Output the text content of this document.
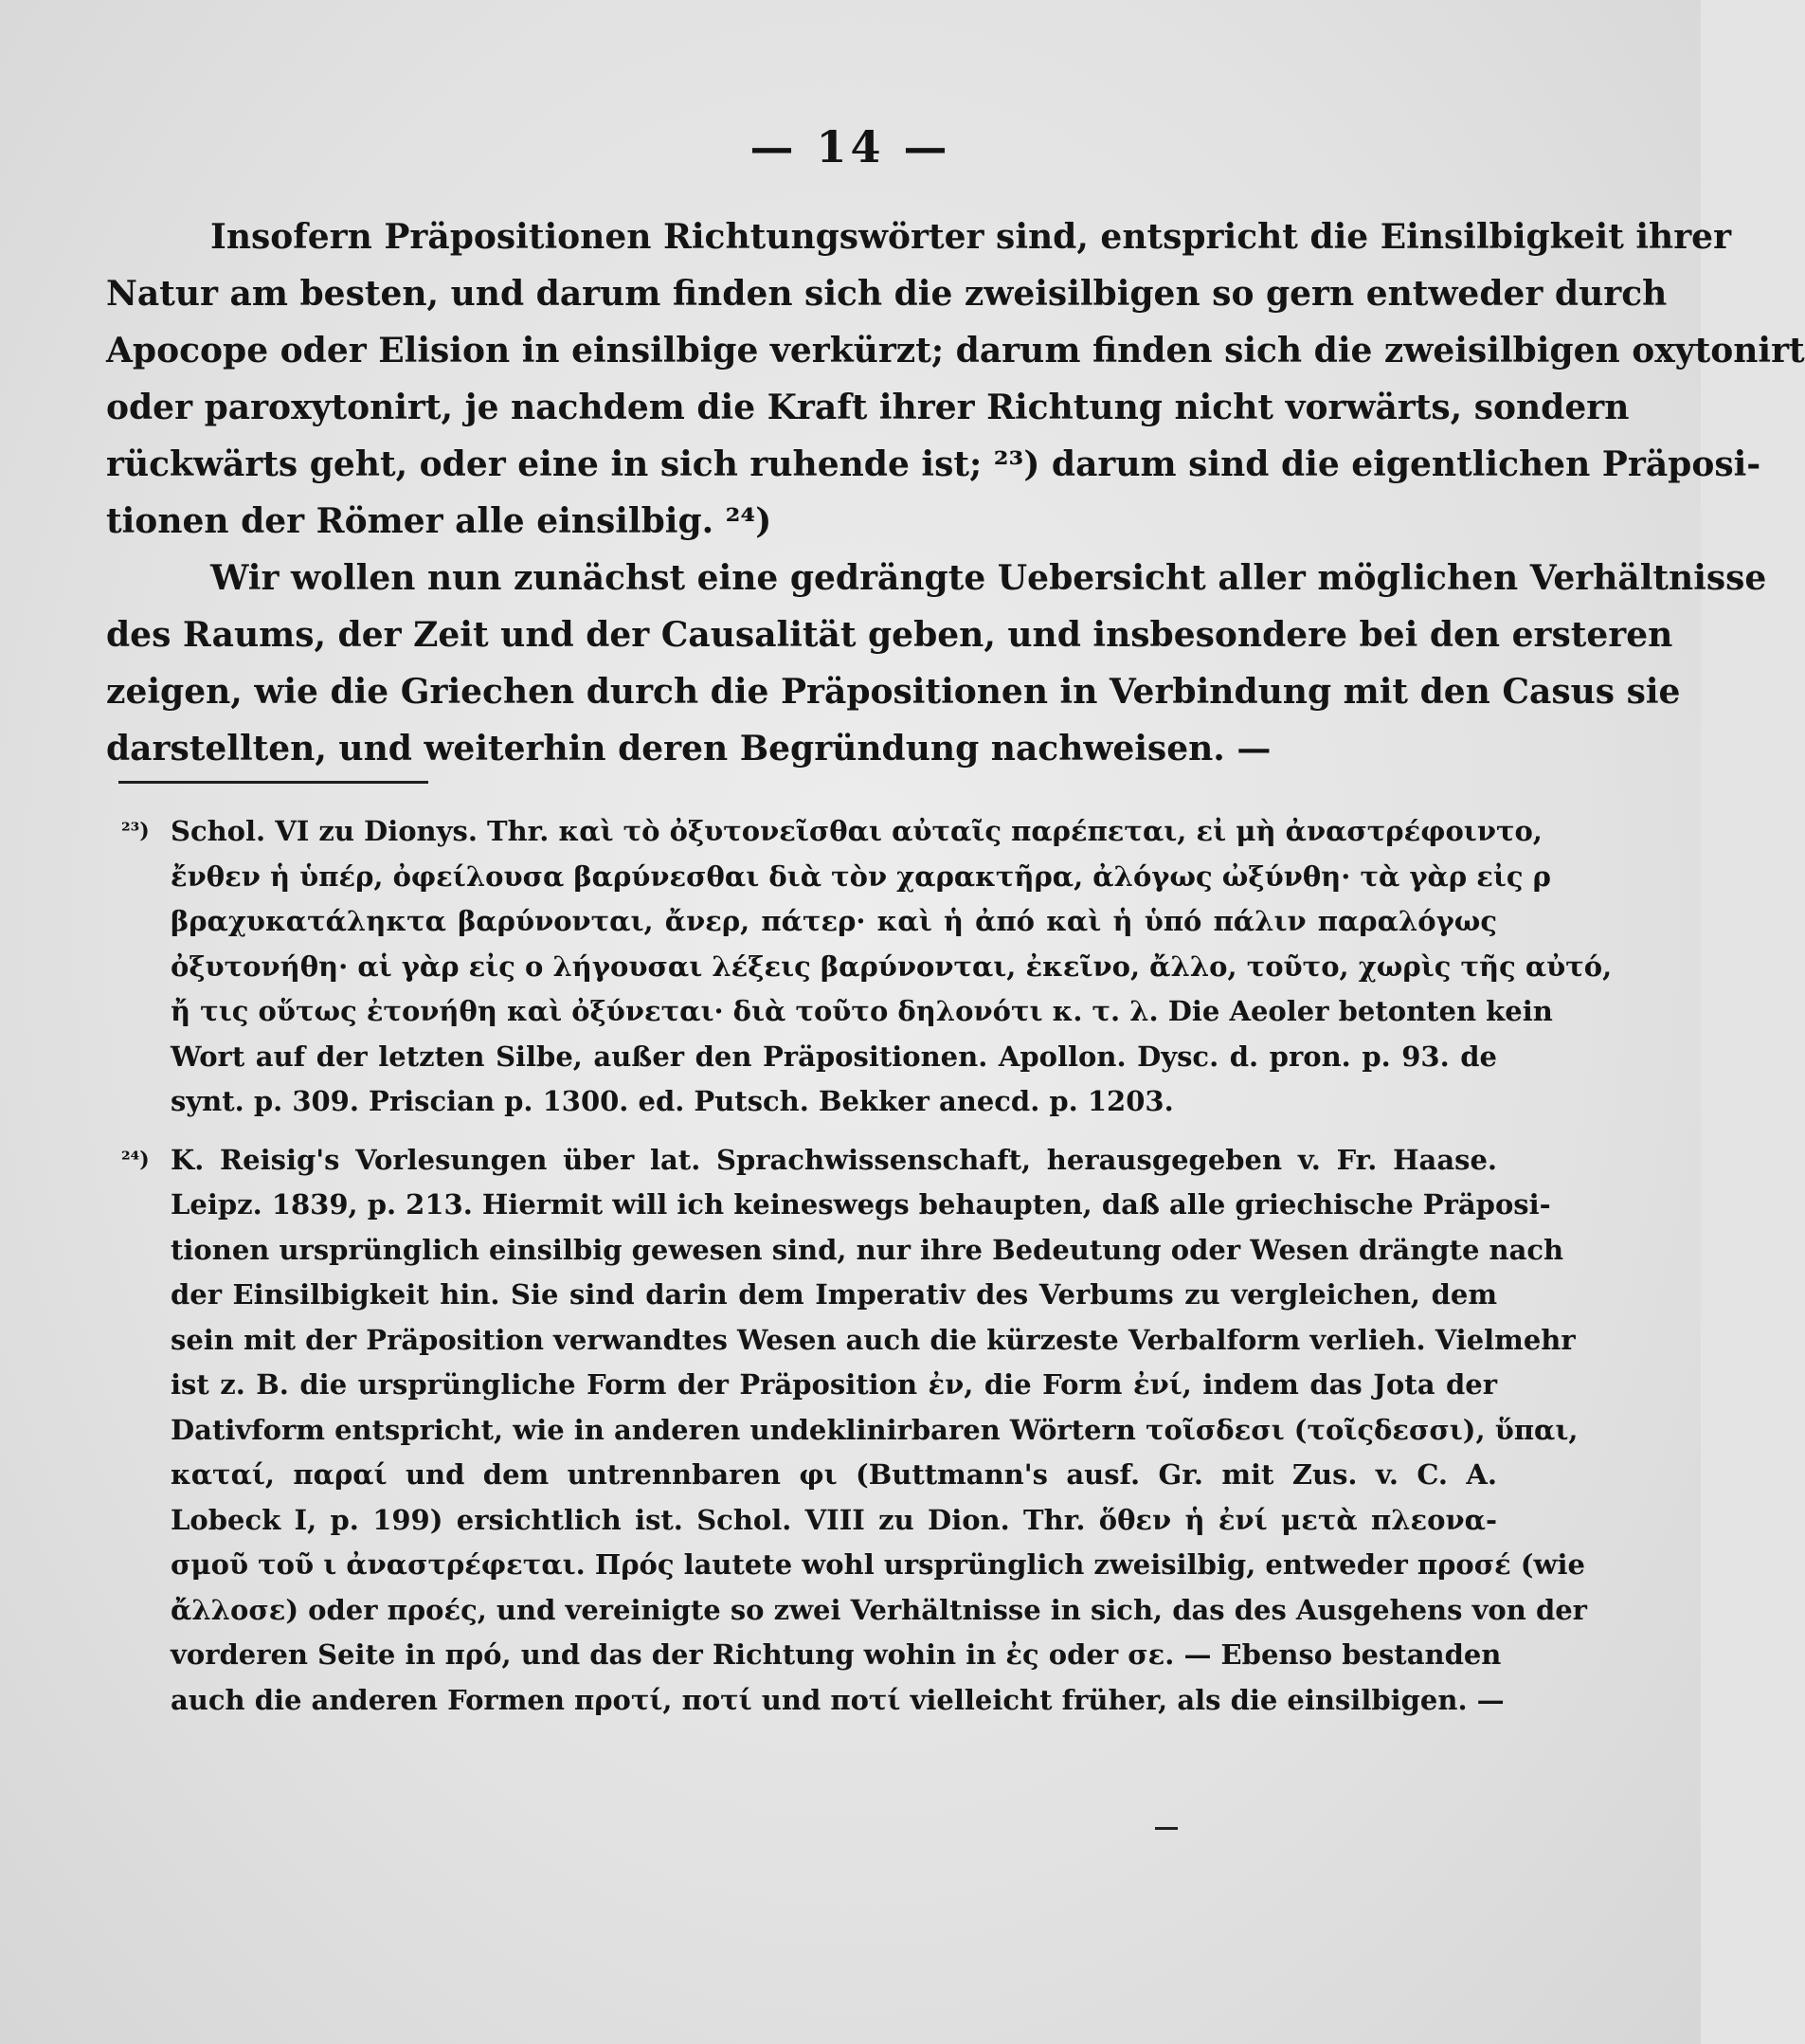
— 14 —
Insofern Präpositionen Richtungswörter sind, entspricht die Einsilbigkeit ihrer
Natur am besten, und darum finden sich die zweisilbigen so gern entweder durch
Apocope oder Elision in einsilbige verkürzt; darum finden sich die zweisilbigen oxytonirt
oder paroxytonirt, je nachdem die Kraft ihrer Richtung nicht vorwärts, sondern
rückwärts geht, oder eine in sich ruhende ist; ²³) darum sind die eigentlichen Präposi-
tionen der Römer alle einsilbig. ²⁴)
Wir wollen nun zunächst eine gedrängte Uebersicht aller möglichen Verhältnisse
des Raums, der Zeit und der Causalität geben, und insbesondere bei den ersteren
zeigen, wie die Griechen durch die Präpositionen in Verbindung mit den Casus sie
darstellten, und weiterhin deren Begründung nachweisen. —
²³) Schol. VI zu Dionys. Thr. καὶ τὸ ὀξυτονεῖσθαι αὐταῖς παρέπεται, εἰ μὴ ἀναστρέφοιντο,
ἔνθεν ἡ ὑπέρ, ὀφείλουσα βαρύνεσθαι διὰ τὸν χαρακτῆρα, ἀλόγως ὠξύνθη· τὰ γὰρ εἰς ρ
βραχυκατάληκτα βαρύνονται, ἄνερ, πάτερ· καὶ ἡ ἀπό καὶ ἡ ὑπό πάλιν παραλόγως
ὀξυτονήθη· αἱ γὰρ εἰς ο λήγουσαι λέξεις βαρύνονται, ἐκεῖνο, ἄλλο, τοῦτο, χωρὶς τῆς αὐτό,
ἤ τις οὕτως ἐτονήθη καὶ ὀξύνεται· διὰ τοῦτο δηλονότι κ. τ. λ. Die Aeoler betonten kein
Wort auf der letzten Silbe, außer den Präpositionen. Apollon. Dysc. d. pron. p. 93. de
synt. p. 309. Priscian p. 1300. ed. Putsch. Bekker anecd. p. 1203.
²⁴) K. Reisig's Vorlesungen über lat. Sprachwissenschaft, herausgegeben v. Fr. Haase.
Leipz. 1839, p. 213. Hiermit will ich keineswegs behaupten, daß alle griechische Präposi-
tionen ursprünglich einsilbig gewesen sind, nur ihre Bedeutung oder Wesen drängte nach
der Einsilbigkeit hin. Sie sind darin dem Imperativ des Verbums zu vergleichen, dem
sein mit der Präposition verwandtes Wesen auch die kürzeste Verbalform verlieh. Vielmehr
ist z. B. die ursprüngliche Form der Präposition ἐν, die Form ἐνί, indem das Jota der
Dativform entspricht, wie in anderen undeklinirbaren Wörtern τοῖσδεσι (τοῖςδεσσι), ὕπαι,
καταί, παραί und dem untrennbaren φι (Buttmann's ausf. Gr. mit Zus. v. C. A.
Lobeck I, p. 199) ersichtlich ist. Schol. VIII zu Dion. Thr. ὅθεν ἡ ἐνί μετὰ πλεονα-
σμοῦ τοῦ ι ἀναστρέφεται. Πρός lautete wohl ursprünglich zweisilbig, entweder προσέ (wie
ἄλλοσε) oder προές, und vereinigte so zwei Verhältnisse in sich, das des Ausgehens von der
vorderen Seite in πρό, und das der Richtung wohin in ἐς oder σε. — Ebenso bestanden
auch die anderen Formen προτί, ποτί und ποτί vielleicht früher, als die einsilbigen. —
